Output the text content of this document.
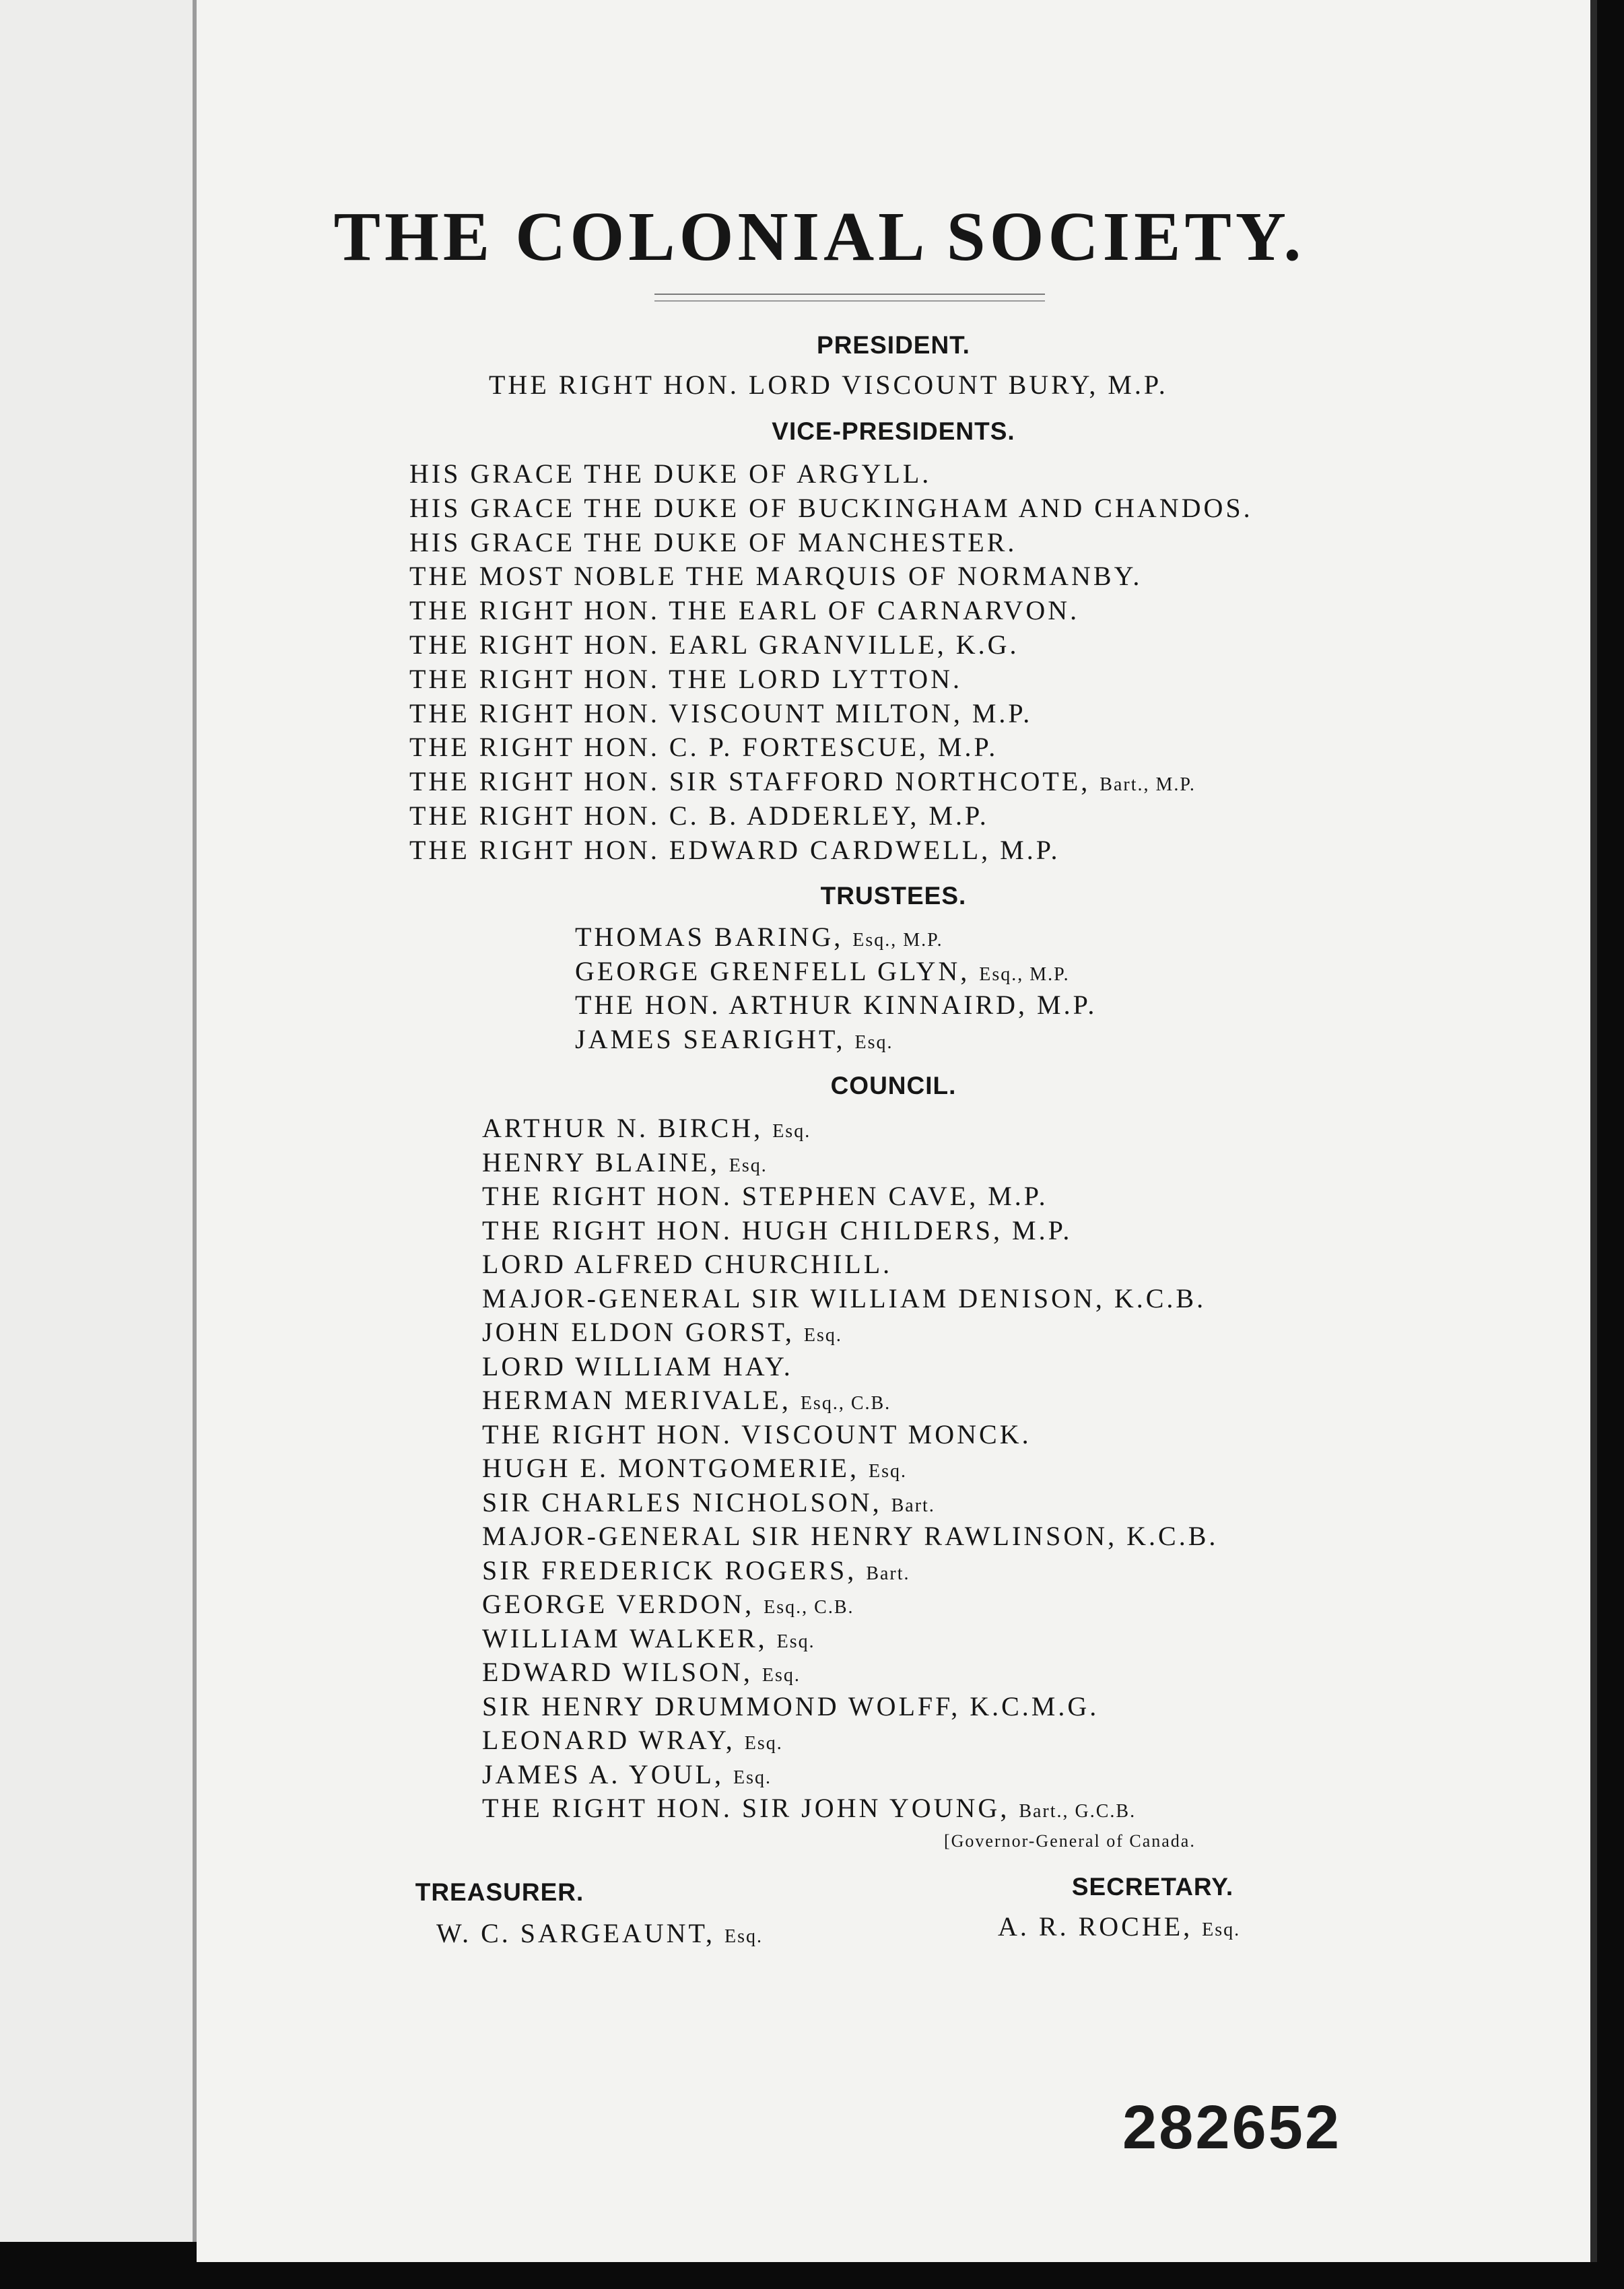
THE COLONIAL SOCIETY.
PRESIDENT.
THE RIGHT HON. LORD VISCOUNT BURY, M.P.
VICE-PRESIDENTS.
HIS GRACE THE DUKE OF ARGYLL.
HIS GRACE THE DUKE OF BUCKINGHAM AND CHANDOS.
HIS GRACE THE DUKE OF MANCHESTER.
THE MOST NOBLE THE MARQUIS OF NORMANBY.
THE RIGHT HON. THE EARL OF CARNARVON.
THE RIGHT HON. EARL GRANVILLE, K.G.
THE RIGHT HON. THE LORD LYTTON.
THE RIGHT HON. VISCOUNT MILTON, M.P.
THE RIGHT HON. C. P. FORTESCUE, M.P.
THE RIGHT HON. SIR STAFFORD NORTHCOTE, Bart., M.P.
THE RIGHT HON. C. B. ADDERLEY, M.P.
THE RIGHT HON. EDWARD CARDWELL, M.P.
TRUSTEES.
THOMAS BARING, Esq., M.P.
GEORGE GRENFELL GLYN, Esq., M.P.
THE HON. ARTHUR KINNAIRD, M.P.
JAMES SEARIGHT, Esq.
COUNCIL.
ARTHUR N. BIRCH, Esq.
HENRY BLAINE, Esq.
THE RIGHT HON. STEPHEN CAVE, M.P.
THE RIGHT HON. HUGH CHILDERS, M.P.
LORD ALFRED CHURCHILL.
MAJOR-GENERAL SIR WILLIAM DENISON, K.C.B.
JOHN ELDON GORST, Esq.
LORD WILLIAM HAY.
HERMAN MERIVALE, Esq., C.B.
THE RIGHT HON. VISCOUNT MONCK.
HUGH E. MONTGOMERIE, Esq.
SIR CHARLES NICHOLSON, Bart.
MAJOR-GENERAL SIR HENRY RAWLINSON, K.C.B.
SIR FREDERICK ROGERS, Bart.
GEORGE VERDON, Esq., C.B.
WILLIAM WALKER, Esq.
EDWARD WILSON, Esq.
SIR HENRY DRUMMOND WOLFF, K.C.M.G.
LEONARD WRAY, Esq.
JAMES A. YOUL, Esq.
THE RIGHT HON. SIR JOHN YOUNG, Bart., G.C.B.
[Governor-General of Canada.
TREASURER.
W. C. SARGEAUNT, Esq.
SECRETARY.
A. R. ROCHE, Esq.
282652
